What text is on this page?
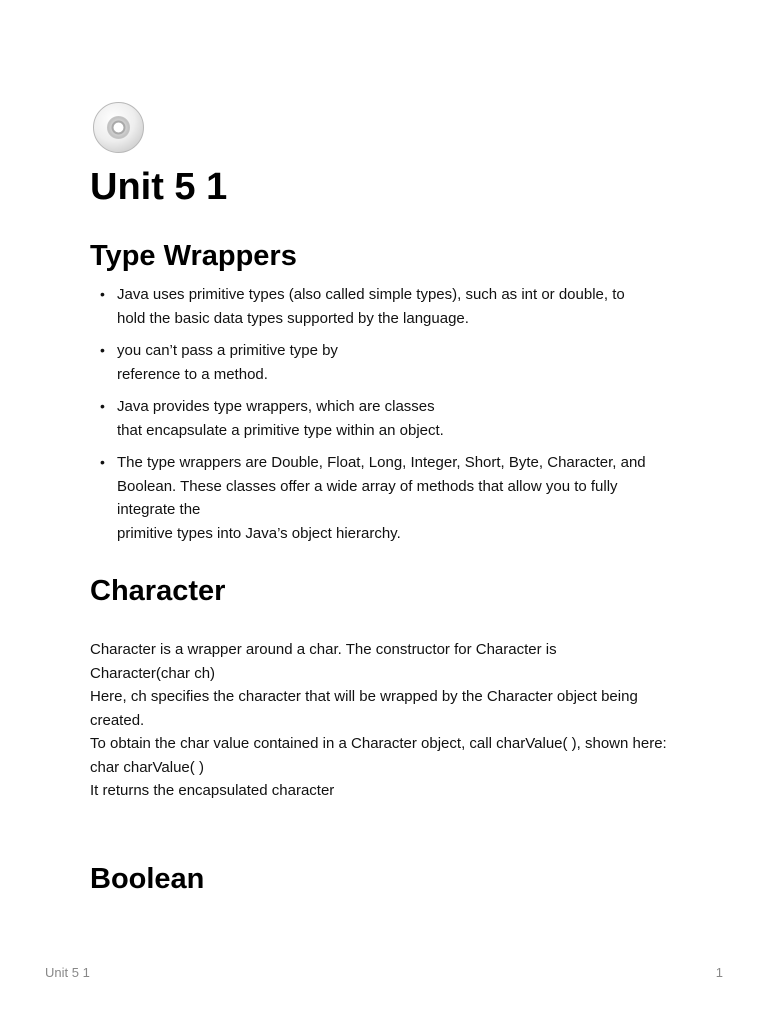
Unit 5 1
Type Wrappers
• Java uses primitive types (also called simple types), such as int or double, to
hold the basic data types supported by the language.
• you can’t pass a primitive type by
reference to a method.
• Java provides type wrappers, which are classes
that encapsulate a primitive type within an object.
• The type wrappers are Double, Float, Long, Integer, Short, Byte, Character, and
Boolean. These classes offer a wide array of methods that allow you to fully
integrate the
primitive types into Java’s object hierarchy.
Character
Character is a wrapper around a char. The constructor for Character is
Character(char ch)
Here, ch specifies the character that will be wrapped by the Character object being
created.
To obtain the char value contained in a Character object, call charValue( ), shown here:
char charValue( )
It returns the encapsulated character
Boolean
Unit 5 1	1
